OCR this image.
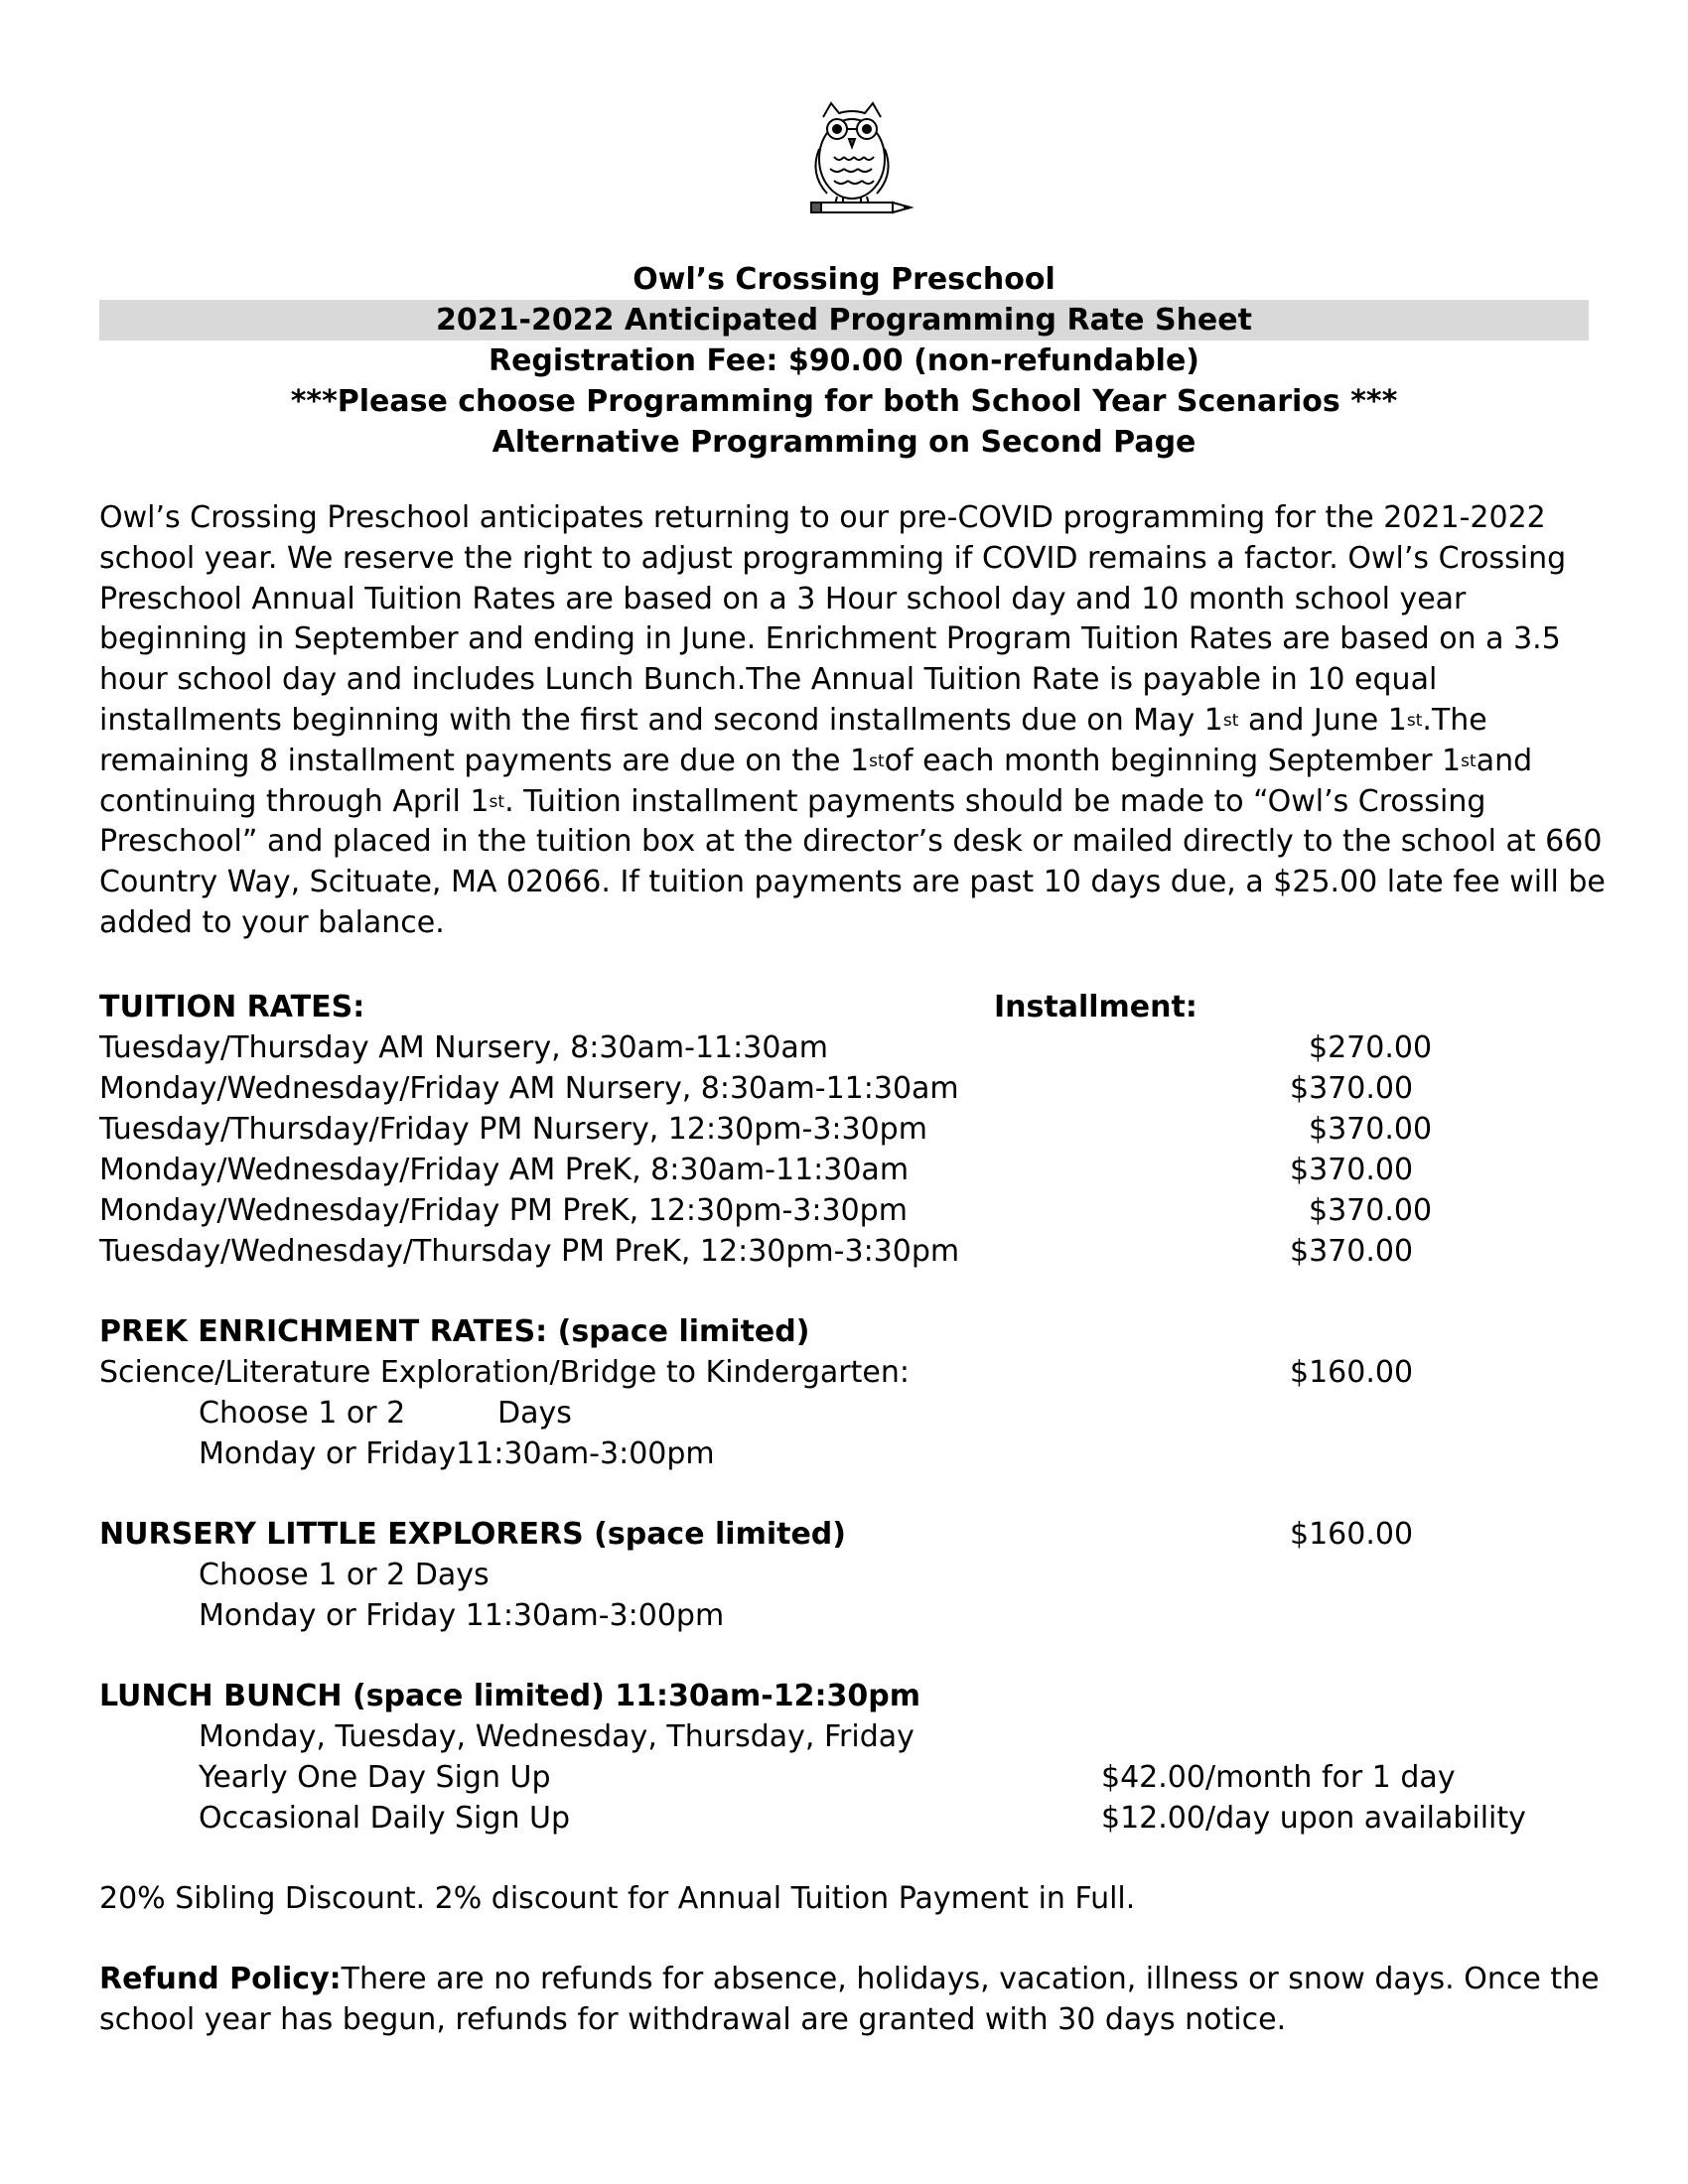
Owl’s Crossing Preschool
2021-2022 Anticipated Programming Rate Sheet
Registration Fee: $90.00 (non-refundable)
***Please choose Programming for both School Year Scenarios ***
Alternative Programming on Second Page

Owl’s Crossing Preschool anticipates returning to our pre-COVID programming for the 2021-2022 school year. We reserve the right to adjust programming if COVID remains a factor. Owl’s Crossing Preschool Annual Tuition Rates are based on a 3 Hour school day and 10 month school year beginning in September and ending in June. Enrichment Program Tuition Rates are based on a 3.5 hour school day and includes Lunch Bunch.The Annual Tuition Rate is payable in 10 equal installments beginning with the first and second installments due on May 1st and June 1st.The remaining 8 installment payments are due on the 1stof each month beginning September 1stand continuing through April 1st. Tuition installment payments should be made to “Owl’s Crossing Preschool” and placed in the tuition box at the director’s desk or mailed directly to the school at 660 Country Way, Scituate, MA 02066. If tuition payments are past 10 days due, a $25.00 late fee will be added to your balance.

TUITION RATES:	Installment:
Tuesday/Thursday AM Nursery, 8:30am-11:30am	$270.00
Monday/Wednesday/Friday AM Nursery, 8:30am-11:30am	$370.00
Tuesday/Thursday/Friday PM Nursery, 12:30pm-3:30pm	$370.00
Monday/Wednesday/Friday AM PreK, 8:30am-11:30am	$370.00
Monday/Wednesday/Friday PM PreK, 12:30pm-3:30pm	$370.00
Tuesday/Wednesday/Thursday PM PreK, 12:30pm-3:30pm	$370.00
PREK ENRICHMENT RATES: (space limited)
Science/Literature Exploration/Bridge to Kindergarten:	$160.00
Choose 1 or 2	Days
Monday or Friday11:30am-3:00pm
NURSERY LITTLE EXPLORERS (space limited)	$160.00
Choose 1 or 2 Days
Monday or Friday 11:30am-3:00pm
LUNCH BUNCH (space limited) 11:30am-12:30pm
Monday, Tuesday, Wednesday, Thursday, Friday
Yearly One Day Sign Up	$42.00/month for 1 day
Occasional Daily Sign Up	$12.00/day upon availability
20% Sibling Discount. 2% discount for Annual Tuition Payment in Full.

Refund Policy:There are no refunds for absence, holidays, vacation, illness or snow days. Once the school year has begun, refunds for withdrawal are granted with 30 days notice.
